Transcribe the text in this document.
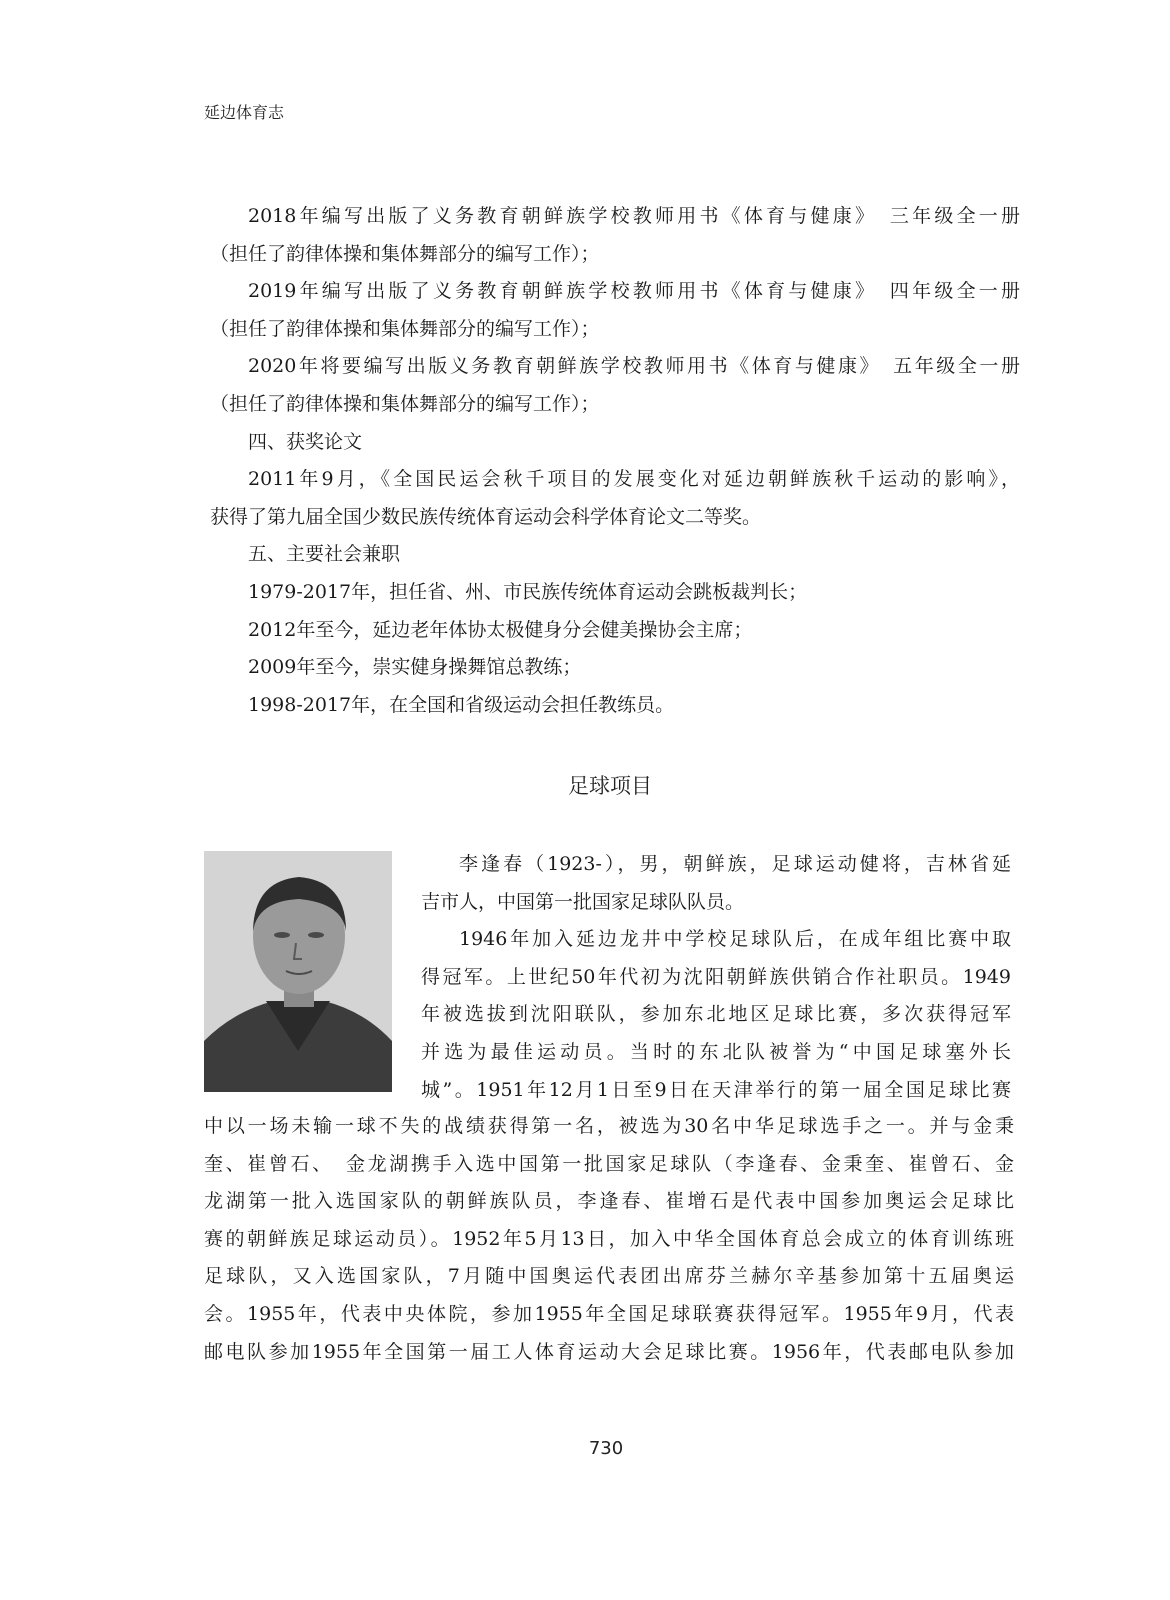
延边体育志
2018年编写出版了义务教育朝鲜族学校教师用书《体育与健康》　三年级全一册
（担任了韵律体操和集体舞部分的编写工作）；
2019年编写出版了义务教育朝鲜族学校教师用书《体育与健康》　四年级全一册
（担任了韵律体操和集体舞部分的编写工作）；
2020年将要编写出版义务教育朝鲜族学校教师用书《体育与健康》　五年级全一册
（担任了韵律体操和集体舞部分的编写工作）；
四、获奖论文
2011年9月，《全国民运会秋千项目的发展变化对延边朝鲜族秋千运动的影响》，
获得了第九届全国少数民族传统体育运动会科学体育论文二等奖。
五、主要社会兼职
1979-2017年，担任省、州、市民族传统体育运动会跳板裁判长；
2012年至今，延边老年体协太极健身分会健美操协会主席；
2009年至今，崇实健身操舞馆总教练；
1998-2017年，在全国和省级运动会担任教练员。
足球项目
李逢春（1923-），男，朝鲜族，足球运动健将，吉林省延
吉市人，中国第一批国家足球队队员。
1946年加入延边龙井中学校足球队后，在成年组比赛中取
得冠军。上世纪50年代初为沈阳朝鲜族供销合作社职员。1949
年被选拔到沈阳联队，参加东北地区足球比赛，多次获得冠军
并选为最佳运动员。当时的东北队被誉为“中国足球塞外长
城”。1951年12月1日至9日在天津举行的第一届全国足球比赛
中以一场未输一球不失的战绩获得第一名，被选为30名中华足球选手之一。并与金秉
奎、崔曾石、　金龙湖携手入选中国第一批国家足球队（李逢春、金秉奎、崔曾石、金
龙湖第一批入选国家队的朝鲜族队员，李逢春、崔增石是代表中国参加奥运会足球比
赛的朝鲜族足球运动员）。1952年5月13日，加入中华全国体育总会成立的体育训练班
足球队，又入选国家队，7月随中国奥运代表团出席芬兰赫尔辛基参加第十五届奥运
会。1955年，代表中央体院，参加1955年全国足球联赛获得冠军。1955年9月，代表
邮电队参加1955年全国第一届工人体育运动大会足球比赛。1956年，代表邮电队参加
730
